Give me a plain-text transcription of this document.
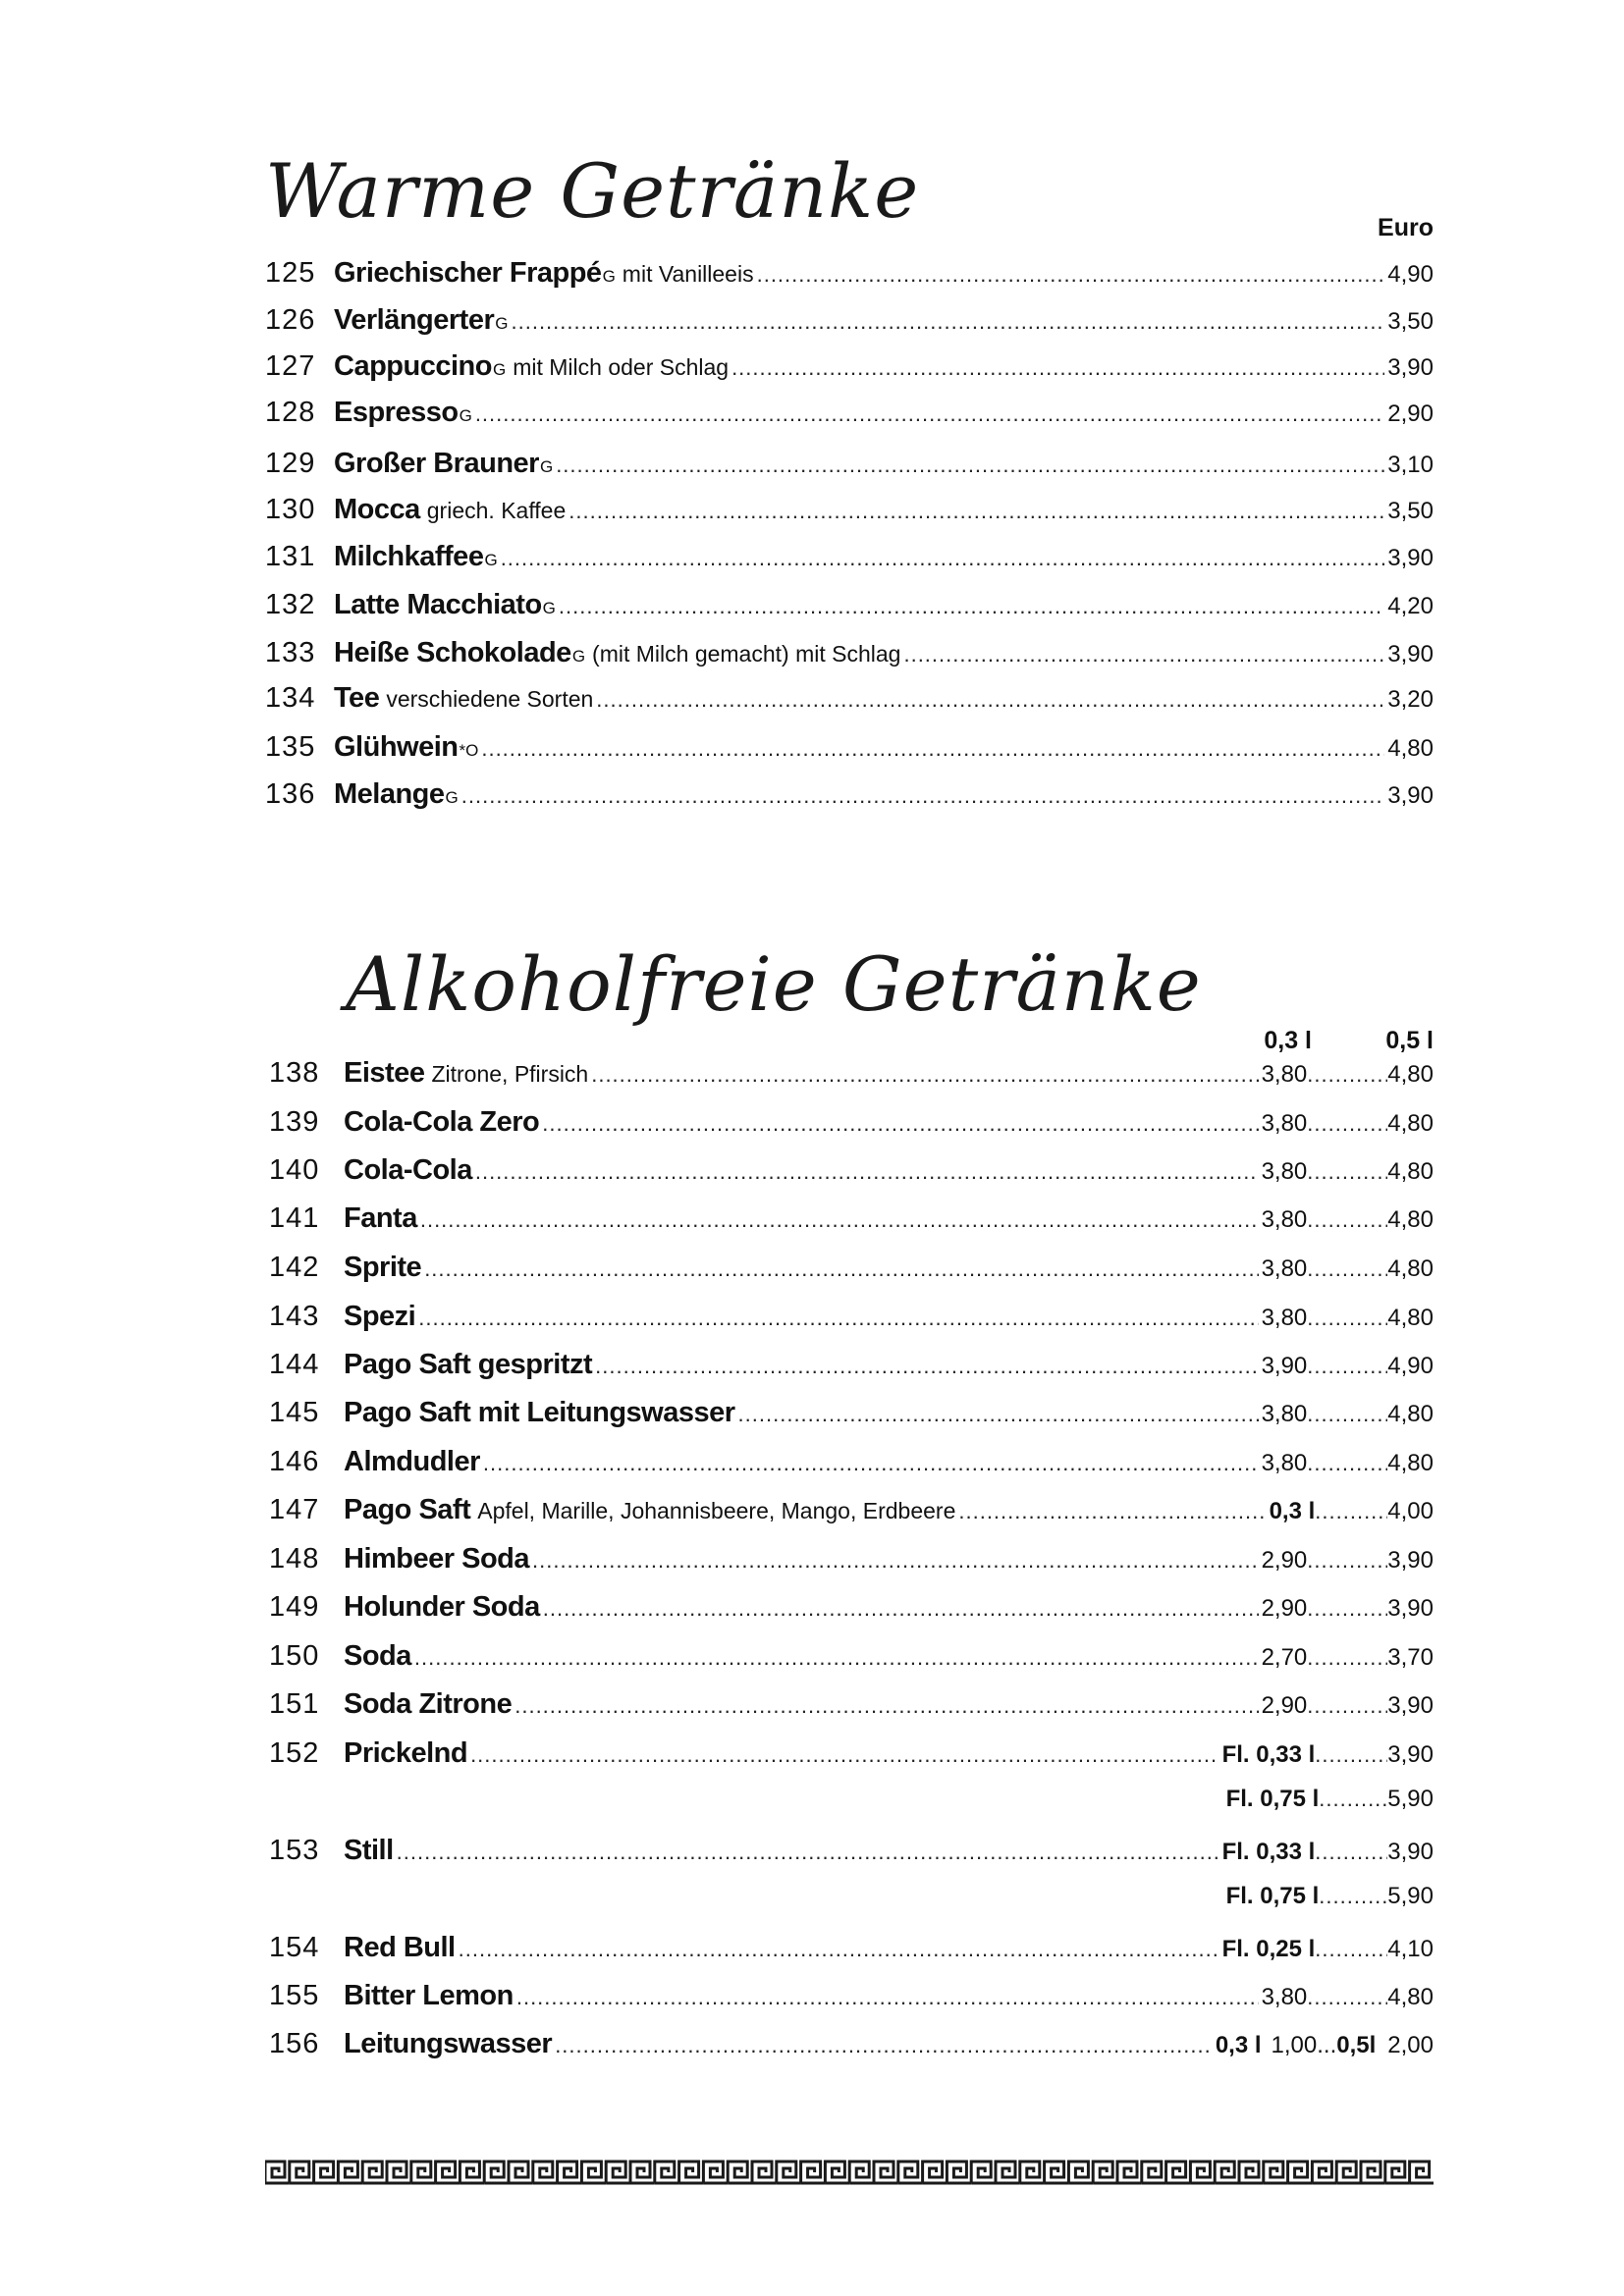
Warme Getränke	Euro
125 Griechischer Frappé G mit Vanilleeis .....	4,90
126 Verlängerter G .....	3,50
127 Cappuccino G mit Milch oder Schlag .....	3,90
128 Espresso G .....	2,90
129 Großer Brauner G .....	3,10
130 Mocca griech. Kaffee .....	3,50
131 Milchkaffee G .....	3,90
132 Latte Macchiato G .....	4,20
133 Heiße Schokolade G (mit Milch gemacht) mit Schlag .....	3,90
134 Tee verschiedene Sorten .....	3,20
135 Glühwein *O .....	4,80
136 Melange G .....	3,90
Alkoholfreie Getränke
0,3 l	0,5 l
138 Eistee Zitrone, Pfirsich .....	3,80 .....	4,80
139 Cola-Cola Zero .....	3,80 .....	4,80
140 Cola-Cola .....	3,80 .....	4,80
141 Fanta .....	3,80 .....	4,80
142 Sprite .....	3,80 .....	4,80
143 Spezi .....	3,80 .....	4,80
144 Pago Saft gespritzt .....	3,90 .....	4,90
145 Pago Saft mit Leitungswasser .....	3,80 .....	4,80
146 Almdudler .....	3,80 .....	4,80
147 Pago Saft Apfel, Marille, Johannisbeere, Mango, Erdbeere .....	0,3 l .....	4,00
148 Himbeer Soda .....	2,90 .....	3,90
149 Holunder Soda .....	2,90 .....	3,90
150 Soda .....	2,70 .....	3,70
151 Soda Zitrone .....	2,90 .....	3,90
152 Prickelnd .....	Fl. 0,33 l .....	3,90
Fl. 0,75 l .....	5,90
153 Still .....	Fl. 0,33 l .....	3,90
Fl. 0,75 l .....	5,90
154 Red Bull .....	Fl. 0,25 l .....	4,10
155 Bitter Lemon .....	3,80 .....	4,80
156 Leitungswasser .....	0,3 l 1,00... 0,5l 2,00
